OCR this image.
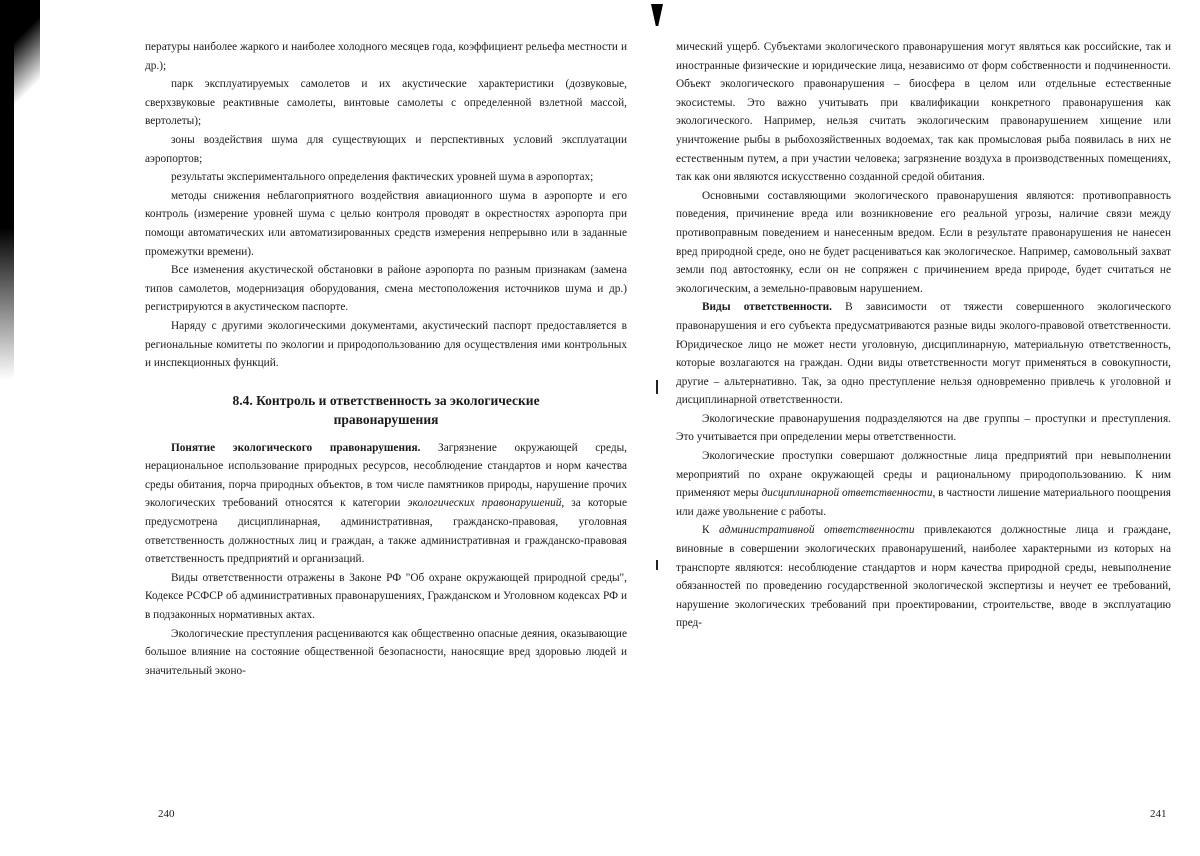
пературы наиболее жаркого и наиболее холодного месяцев года, коэффициент рельефа местности и др.);

парк эксплуатируемых самолетов и их акустические характеристики (дозвуковые, сверхзвуковые реактивные самолеты, винтовые самолеты с определенной взлетной массой, вертолеты);

зоны воздействия шума для существующих и перспективных условий эксплуатации аэропортов;

результаты экспериментального определения фактических уровней шума в аэропортах;

методы снижения неблагоприятного воздействия авиационного шума в аэропорте и его контроль (измерение уровней шума с целью контроля проводят в окрестностях аэропорта при помощи автоматических или автоматизированных средств измерения непрерывно или в заданные промежутки времени).

Все изменения акустической обстановки в районе аэропорта по разным признакам (замена типов самолетов, модернизация оборудования, смена местоположения источников шума и др.) регистрируются в акустическом паспорте.

Наряду с другими экологическими документами, акустический паспорт предоставляется в региональные комитеты по экологии и природопользованию для осуществления ими контрольных и инспекционных функций.

8.4. Контроль и ответственность за экологические
правонарушения

Понятие экологического правонарушения. Загрязнение окружающей среды, нерациональное использование природных ресурсов, несоблюдение стандартов и норм качества среды обитания, порча природных объектов, в том числе памятников природы, нарушение прочих экологических требований относятся к категории экологических правонарушений, за которые предусмотрена дисциплинарная, административная, гражданско-правовая, уголовная ответственность должностных лиц и граждан, а также административная и гражданско-правовая ответственность предприятий и организаций.

Виды ответственности отражены в Законе РФ "Об охране окружающей природной среды", Кодексе РСФСР об административных правонарушениях, Гражданском и Уголовном кодексах РФ и в подзаконных нормативных актах.

Экологические преступления расцениваются как общественно опасные деяния, оказывающие большое влияние на состояние общественной безопасности, наносящие вред здоровью людей и значительный эконо-

240

мический ущерб. Субъектами экологического правонарушения могут являться как российские, так и иностранные физические и юридические лица, независимо от форм собственности и подчиненности. Объект экологического правонарушения – биосфера в целом или отдельные естественные экосистемы. Это важно учитывать при квалификации конкретного правонарушения как экологического. Например, нельзя считать экологическим правонарушением хищение или уничтожение рыбы в рыбохозяйственных водоемах, так как промысловая рыба появилась в них не естественным путем, а при участии человека; загрязнение воздуха в производственных помещениях, так как они являются искусственно созданной средой обитания.

Основными составляющими экологического правонарушения являются: противоправность поведения, причинение вреда или возникновение его реальной угрозы, наличие связи между противоправным поведением и нанесенным вредом. Если в результате правонарушения не нанесен вред природной среде, оно не будет расцениваться как экологическое. Например, самовольный захват земли под автостоянку, если он не сопряжен с причинением вреда природе, будет считаться не экологическим, а земельно-правовым нарушением.

Виды ответственности. В зависимости от тяжести совершенного экологического правонарушения и его субъекта предусматриваются разные виды эколого-правовой ответственности. Юридическое лицо не может нести уголовную, дисциплинарную, материальную ответственность, которые возлагаются на граждан. Одни виды ответственности могут применяться в совокупности, другие – альтернативно. Так, за одно преступление нельзя одновременно привлечь к уголовной и дисциплинарной ответственности.

Экологические правонарушения подразделяются на две группы – проступки и преступления. Это учитывается при определении меры ответственности.

Экологические проступки совершают должностные лица предприятий при невыполнении мероприятий по охране окружающей среды и рациональному природопользованию. К ним применяют меры дисциплинарной ответственности, в частности лишение материального поощрения или даже увольнение с работы.

К административной ответственности привлекаются должностные лица и граждане, виновные в совершении экологических правонарушений, наиболее характерными из которых на транспорте являются: несоблюдение стандартов и норм качества природной среды, невыполнение обязанностей по проведению государственной экологической экспертизы и неучет ее требований, нарушение экологических требований при проектировании, строительстве, вводе в эксплуатацию пред-

241
